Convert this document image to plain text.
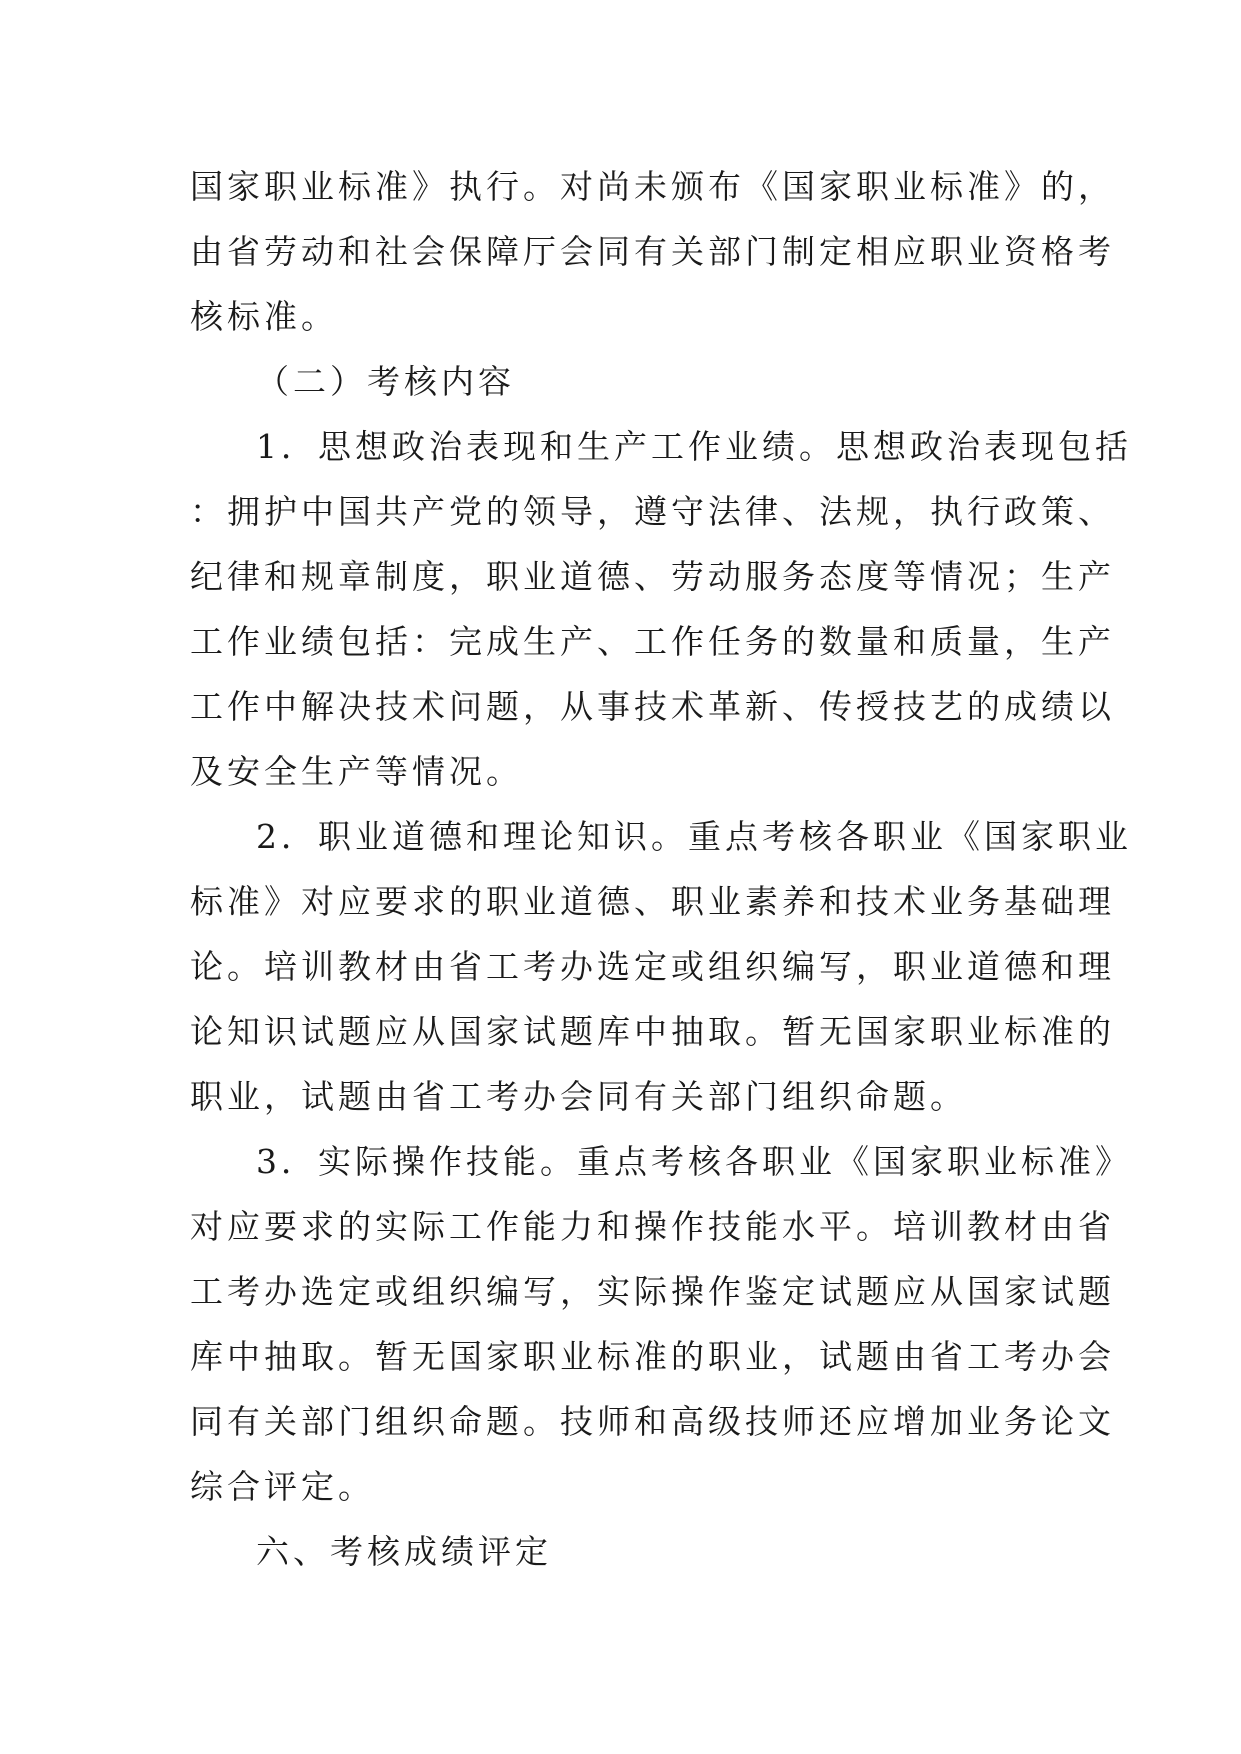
国家职业标准》执行。对尚未颁布《国家职业标准》的，
由省劳动和社会保障厅会同有关部门制定相应职业资格考
核标准。
（二）考核内容
1．思想政治表现和生产工作业绩。思想政治表现包括
：拥护中国共产党的领导，遵守法律、法规，执行政策、
纪律和规章制度，职业道德、劳动服务态度等情况；生产
工作业绩包括：完成生产、工作任务的数量和质量，生产
工作中解决技术问题，从事技术革新、传授技艺的成绩以
及安全生产等情况。
2．职业道德和理论知识。重点考核各职业《国家职业
标准》对应要求的职业道德、职业素养和技术业务基础理
论。培训教材由省工考办选定或组织编写，职业道德和理
论知识试题应从国家试题库中抽取。暂无国家职业标准的
职业，试题由省工考办会同有关部门组织命题。
3．实际操作技能。重点考核各职业《国家职业标准》
对应要求的实际工作能力和操作技能水平。培训教材由省
工考办选定或组织编写，实际操作鉴定试题应从国家试题
库中抽取。暂无国家职业标准的职业，试题由省工考办会
同有关部门组织命题。技师和高级技师还应增加业务论文
综合评定。
六、考核成绩评定
